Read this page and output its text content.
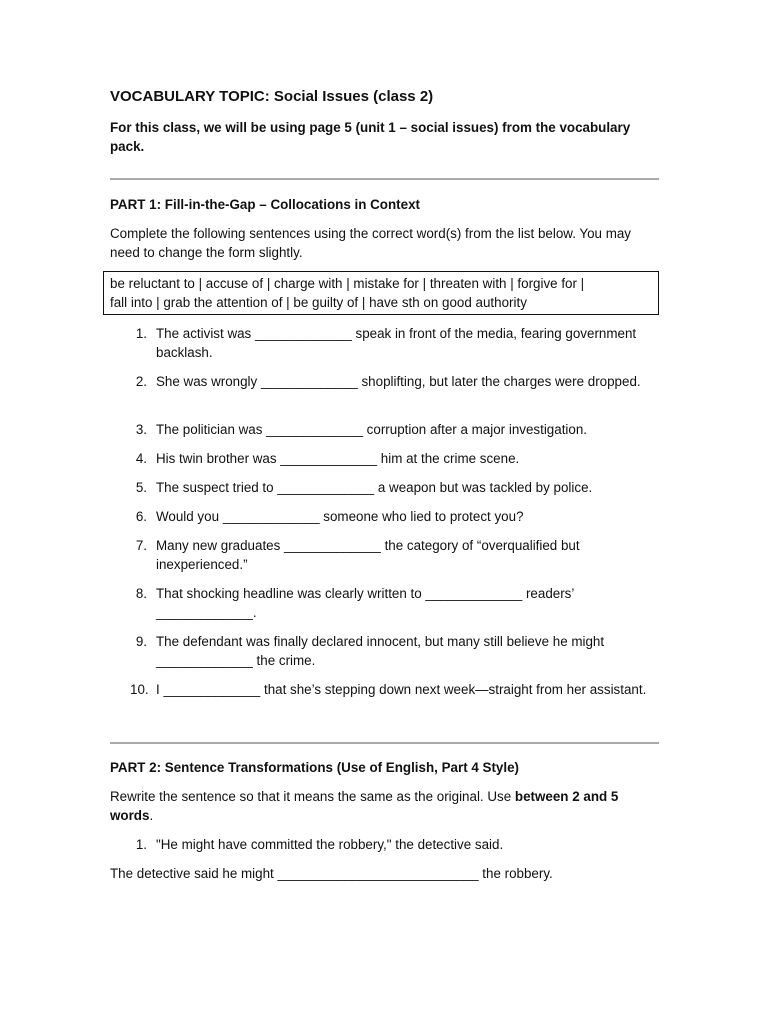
VOCABULARY TOPIC: Social Issues (class 2)
For this class, we will be using page 5 (unit 1 – social issues) from the vocabulary pack.
PART 1: Fill-in-the-Gap – Collocations in Context
Complete the following sentences using the correct word(s) from the list below. You may need to change the form slightly.
be reluctant to | accuse of | charge with | mistake for | threaten with | forgive for |
fall into | grab the attention of | be guilty of | have sth on good authority
1. The activist was _____________ speak in front of the media, fearing government backlash.
2. She was wrongly _____________ shoplifting, but later the charges were dropped.
3. The politician was _____________ corruption after a major investigation.
4. His twin brother was _____________ him at the crime scene.
5. The suspect tried to _____________ a weapon but was tackled by police.
6. Would you _____________ someone who lied to protect you?
7. Many new graduates _____________ the category of “overqualified but inexperienced.”
8. That shocking headline was clearly written to _____________ readers’ _____________.
9. The defendant was finally declared innocent, but many still believe he might _____________ the crime.
10. I _____________ that she’s stepping down next week—straight from her assistant.
PART 2: Sentence Transformations (Use of English, Part 4 Style)
Rewrite the sentence so that it means the same as the original. Use between 2 and 5 words.
1. "He might have committed the robbery," the detective said.
The detective said he might ___________________________ the robbery.
